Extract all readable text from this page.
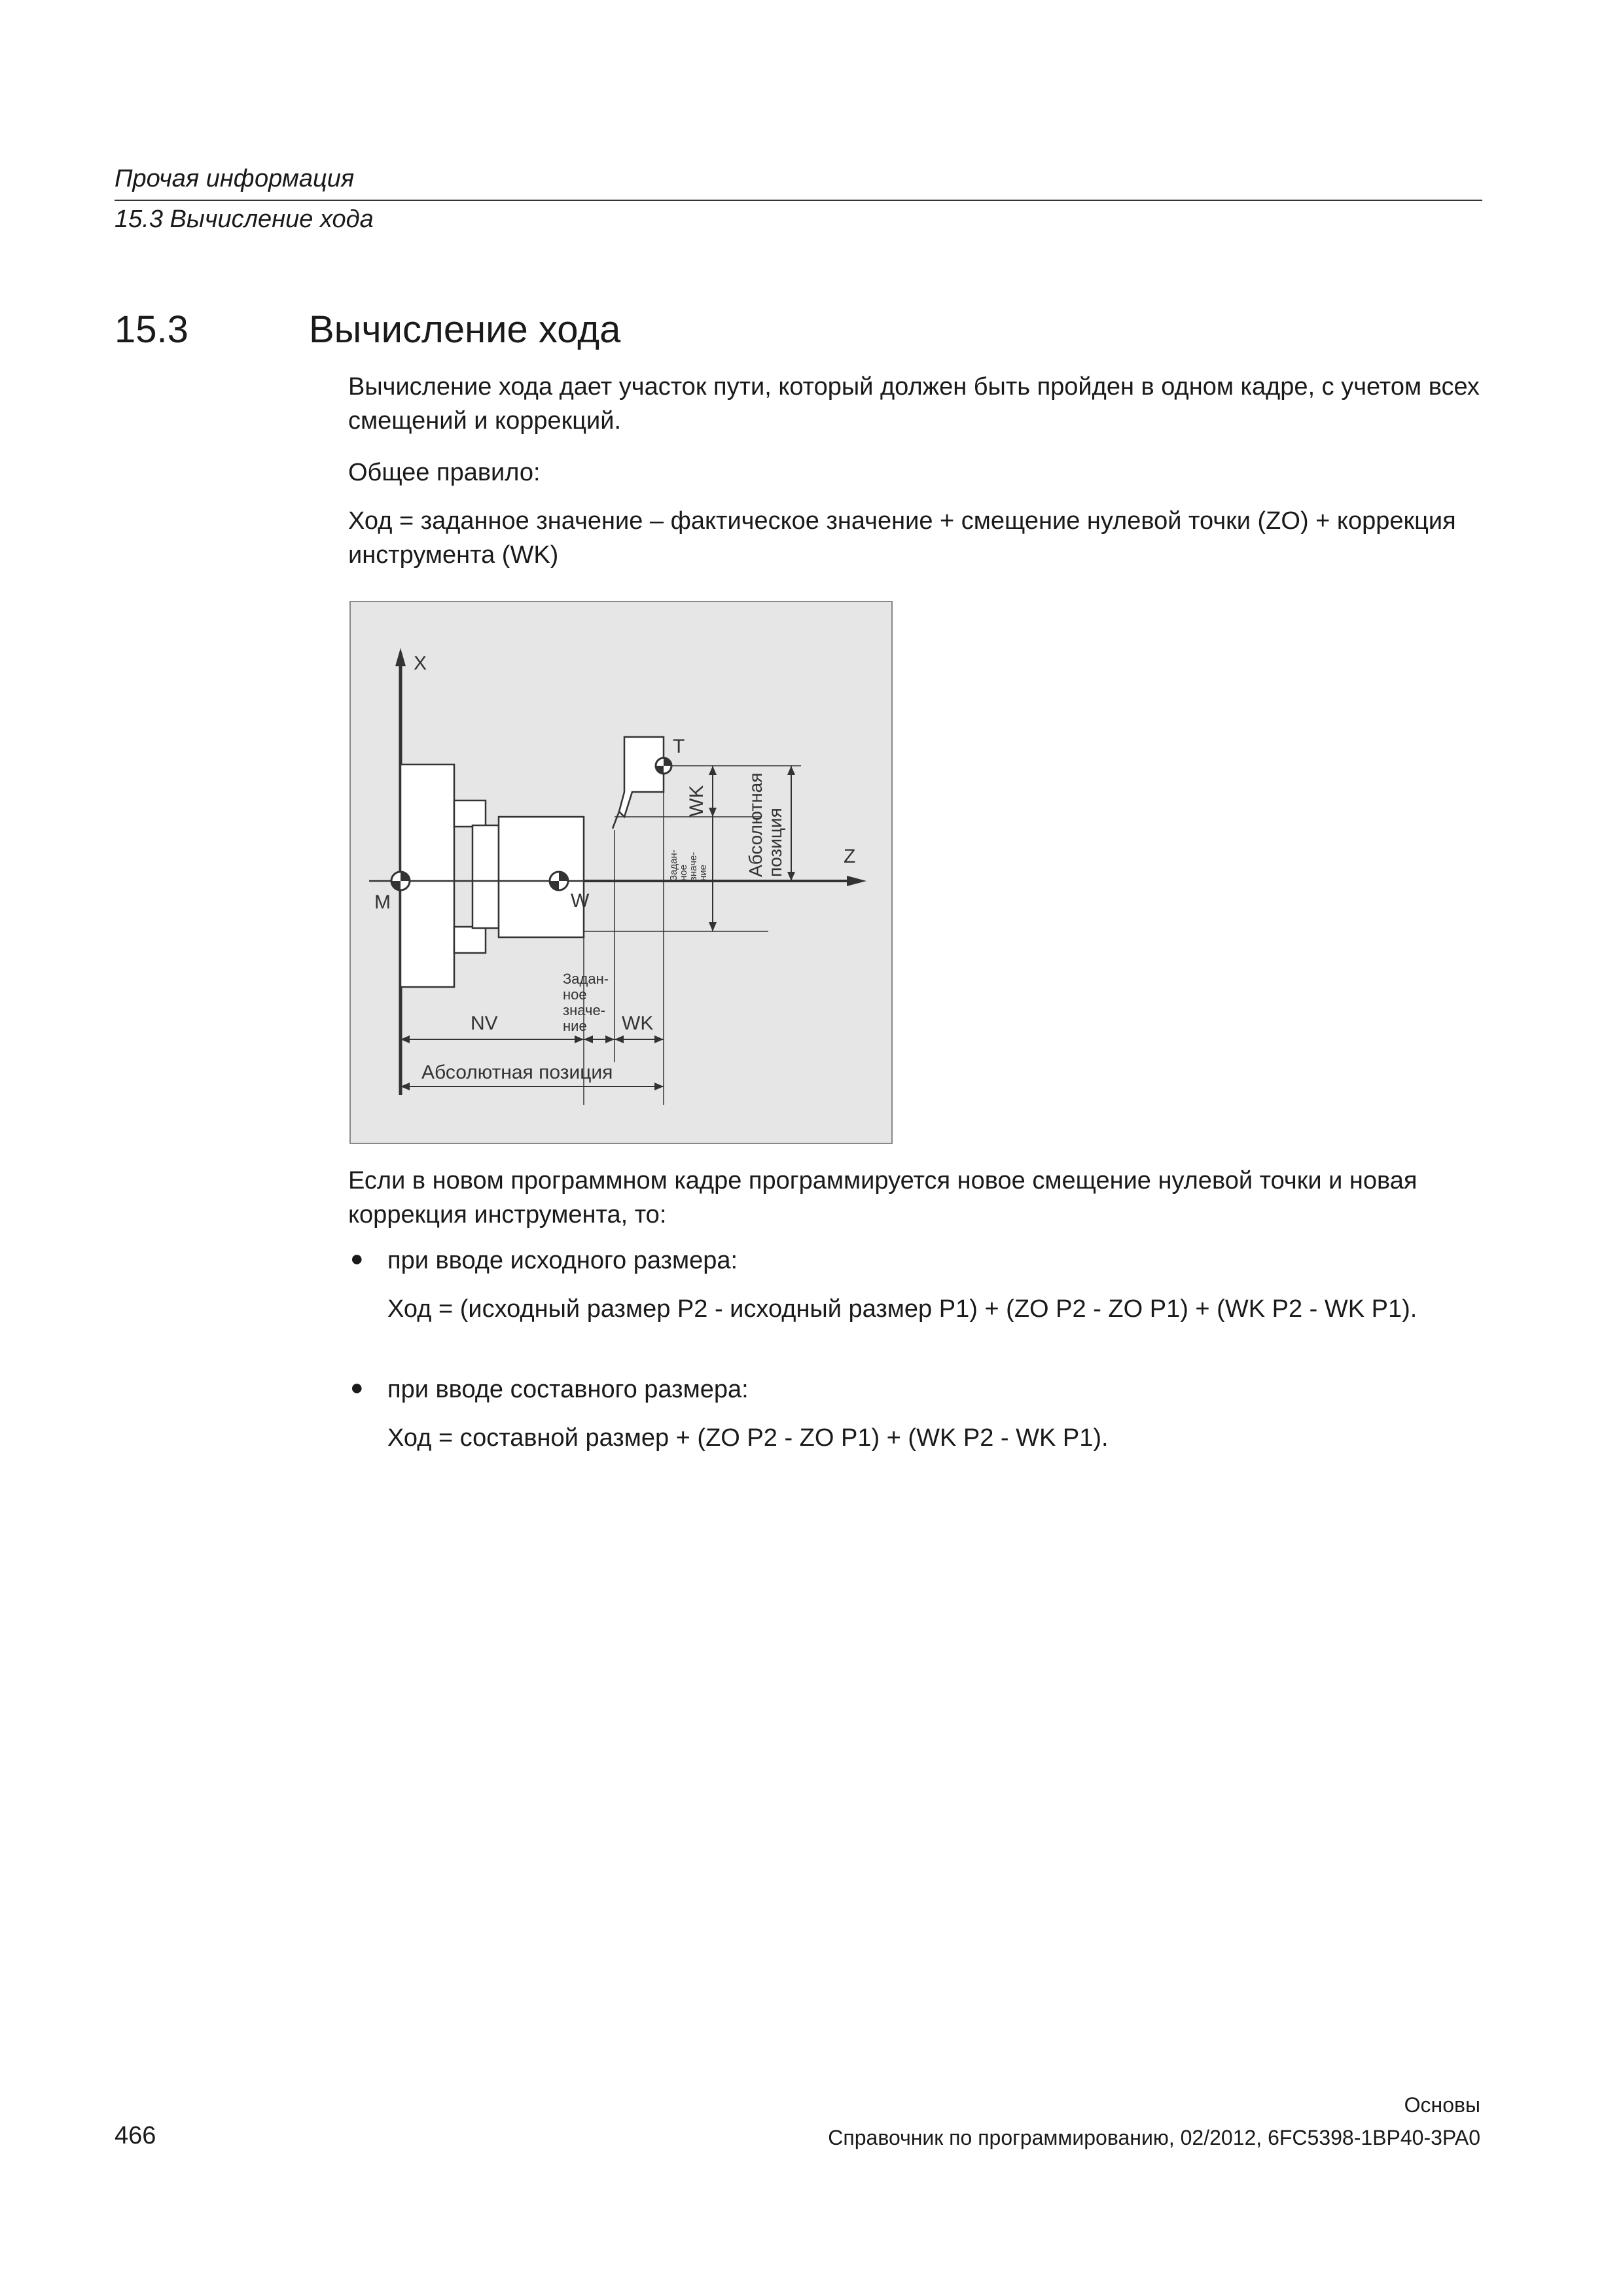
Прочая информация
15.3 Вычисление хода
15.3	Вычисление хода
Вычисление хода дает участок пути, который должен быть пройден в одном кадре, с учетом всех смещений и коррекций.
Общее правило:
Ход = заданное значение – фактическое значение + смещение нулевой точки (ZO) + коррекция инструмента (WK)
X
Z
M	W
T
WK
Задан-
ное
значе-
ние Абсолютная позиция
NV
Задан-
ное
значе-
ние WK
Абсолютная позиция
Если в новом программном кадре программируется новое смещение нулевой точки и новая коррекция инструмента, то:
● при вводе исходного размера:
Ход = (исходный размер P2 - исходный размер P1) + (ZO P2 - ZO P1) + (WK P2 - WK P1).
● при вводе составного размера:
Ход = составной размер + (ZO P2 - ZO P1) + (WK P2 - WK P1).
Основы
466	Справочник по программированию, 02/2012, 6FC5398-1BP40-3PA0
